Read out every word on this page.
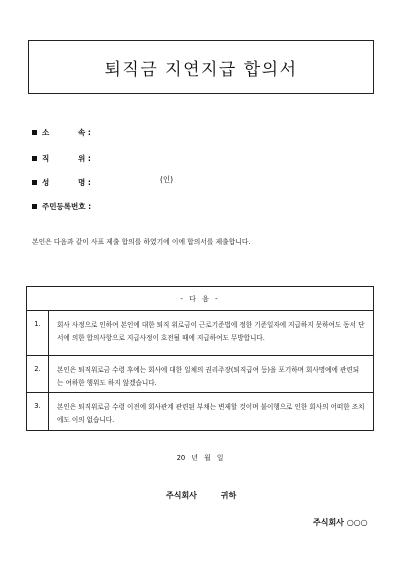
퇴직금 지연지급 합의서
소	속 :
직	위 :
성	명 :	(인)
주민등록번호 :
본인은 다음과 같이 사표 제출 합의를 하였기에 이에 합의서를 제출합니다.
- 다 음 -
1.	회사 사정으로 인하여 본인에 대한 퇴직 위로금이 근로기준법에 정한 기준일자에 지급하지 못하여도 동서 단서에 의한 합의사항으로 지급사정이 호전될 때에 지급하여도 무방합니다.
2.	본인은 퇴직위로금 수령 후에는 회사에 대한 일체의 권리주장(퇴직급여 등)을 포기하며 회사명예에 관련되는 여하한 행위도 하지 않겠습니다.
3.	본인은 퇴직위로금 수령 이전에 회사관계 관련된 부채는 변제할 것이며 불이행으로 인한 회사의 어떠한 조치에도 이의 없습니다.
20 년 월 일
주식회사	귀하
주식회사 ○○○
